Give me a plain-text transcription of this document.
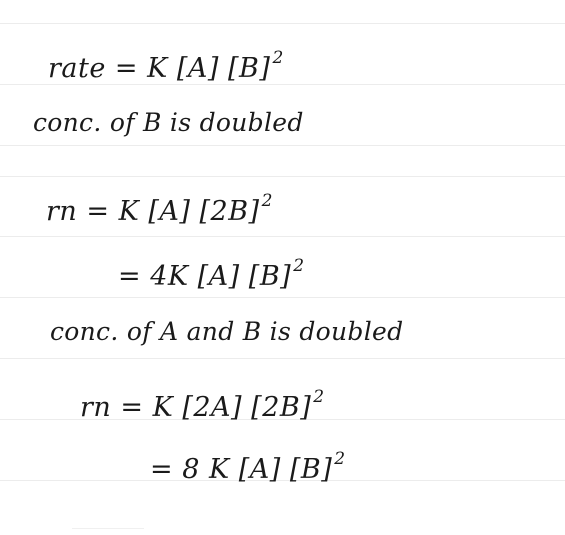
rate = K [A] [B] $^2$
conc. of B is doubled
rn = K [A] [2B] $^2$
= 4K [A] [B] $^2$
conc. of A and B is doubled
rn = K [2A] [2B] $^2$
= 8 K [A] [B] $^2$
